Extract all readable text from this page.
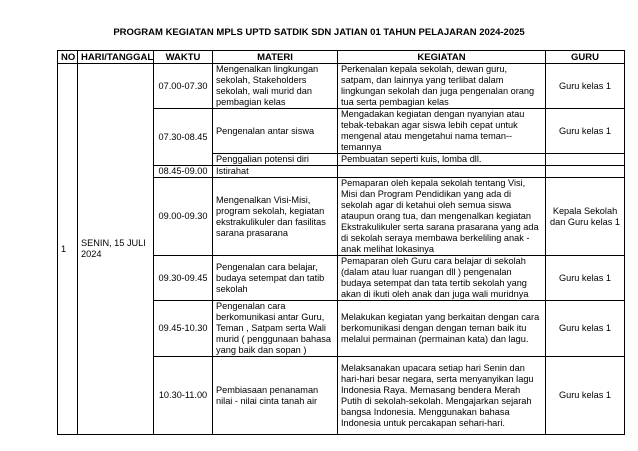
PROGRAM KEGIATAN MPLS UPTD SATDIK SDN JATIAN 01 TAHUN PELAJARAN 2024-2025
NO	HARI/TANGGAL	WAKTU	MATERI	KEGIATAN	GURU
1	SENIN, 15 JULI 2024	07.00-07.30	Mengenalkan lingkungan sekolah, Stakeholders sekolah, wali murid dan pembagian kelas	Perkenalan kepala sekolah, dewan guru, satpam, dan lainnya yang terlibat dalam lingkungan sekolah dan juga pengenalan orang tua serta pembagian kelas	Guru kelas 1
		07.30-08.45	Pengenalan antar siswa	Mengadakan kegiatan dengan nyanyian atau tebak-tebakan agar siswa lebih cepat untuk mengenal atau mengetahui nama teman-- temannya	Guru kelas 1
			Penggalian potensi diri	Pembuatan seperti kuis, lomba dll.	
		08.45-09.00	Istirahat		
		09.00-09.30	Mengenalkan Visi-Misi, program sekolah, kegiatan ekstrakulikuler dan fasilitas sarana prasarana	Pemaparan oleh kepala sekolah tentang Visi, Misi dan Program Pendidikan yang ada di sekolah agar di ketahui oleh semua siswa ataupun orang tua, dan mengenalkan kegiatan Ekstrakulikuler serta sarana prasarana yang ada di sekolah seraya membawa berkeliling anak - anak melihat lokasinya	Kepala Sekolah dan Guru kelas 1
		09.30-09.45	Pengenalan cara belajar, budaya setempat dan tatib sekolah	Pemaparan oleh Guru cara belajar di sekolah (dalam atau luar ruangan dll ) pengenalan budaya setempat dan tata tertib sekolah yang akan di ikuti oleh anak dan juga wali muridnya	Guru kelas 1
		09.45-10.30	Pengenalan cara berkomunikasi antar Guru, Teman , Satpam serta Wali murid ( penggunaan bahasa yang baik dan sopan )	Melakukan kegiatan yang berkaitan dengan cara berkomunikasi dengan dengan teman baik itu melalui permainan (permainan kata) dan lagu.	Guru kelas 1
		10.30-11.00	Pembiasaan penanaman nilai - nilai cinta tanah air	Melaksanakan upacara setiap hari Senin dan hari-hari besar negara, serta menyanyikan lagu Indonesia Raya. Memasang bendera Merah Putih di sekolah-sekolah. Mengajarkan sejarah bangsa Indonesia. Menggunakan bahasa Indonesia untuk percakapan sehari-hari.	Guru kelas 1
